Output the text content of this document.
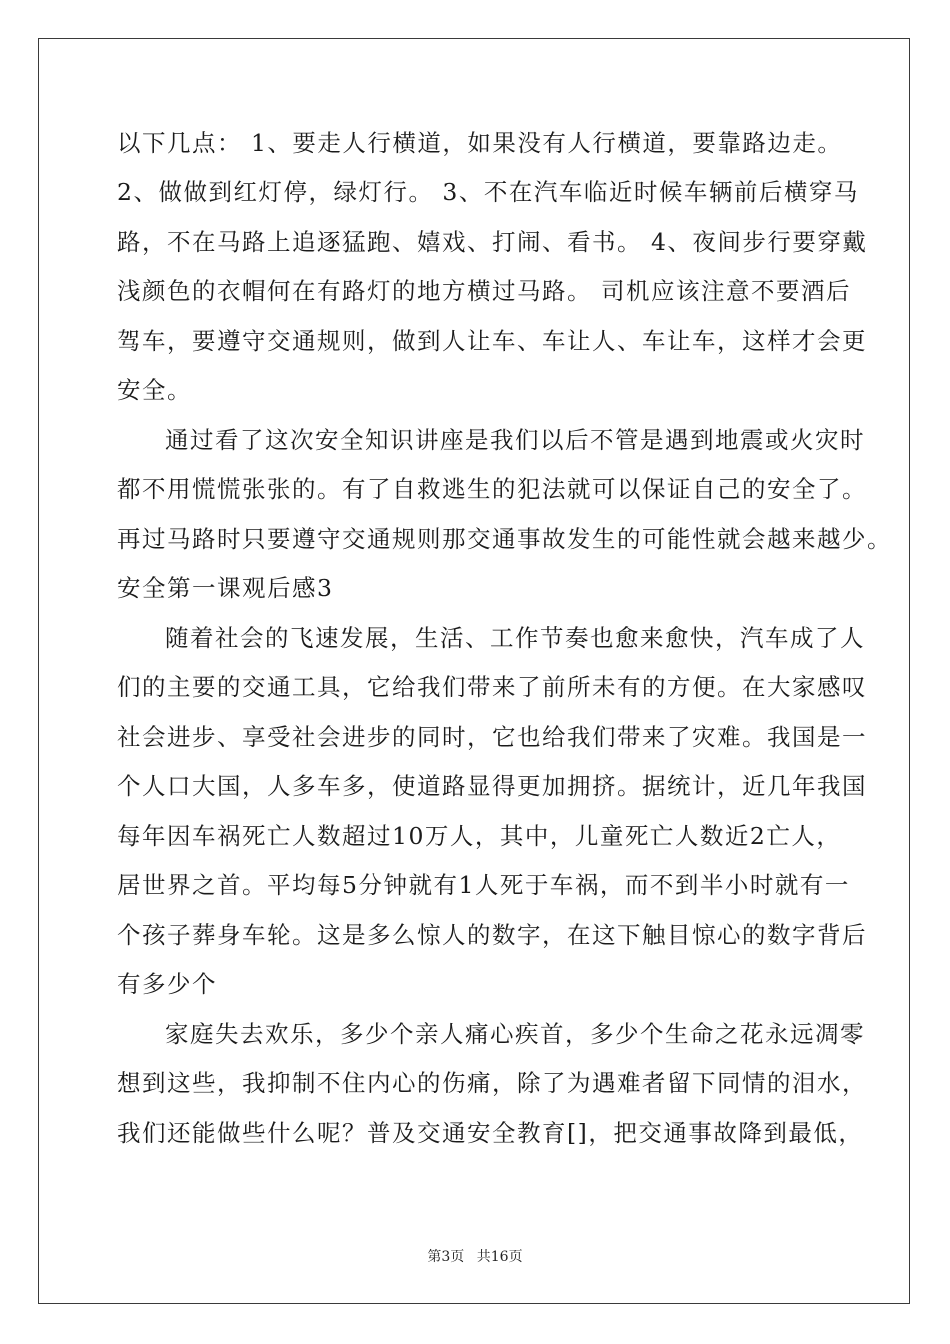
以下几点： 1、要走人行横道，如果没有人行横道，要靠路边走。
2、做做到红灯停，绿灯行。 3、不在汽车临近时候车辆前后横穿马
路，不在马路上追逐猛跑、嬉戏、打闹、看书。 4、夜间步行要穿戴
浅颜色的衣帽何在有路灯的地方横过马路。 司机应该注意不要酒后
驾车，要遵守交通规则，做到人让车、车让人、车让车，这样才会更
安全。
通过看了这次安全知识讲座是我们以后不管是遇到地震或火灾时
都不用慌慌张张的。有了自救逃生的犯法就可以保证自己的安全了。
再过马路时只要遵守交通规则那交通事故发生的可能性就会越来越少。
安全第一课观后感3
随着社会的飞速发展，生活、工作节奏也愈来愈快，汽车成了人
们的主要的交通工具，它给我们带来了前所未有的方便。在大家感叹
社会进步、享受社会进步的同时，它也给我们带来了灾难。我国是一
个人口大国，人多车多，使道路显得更加拥挤。据统计，近几年我国
每年因车祸死亡人数超过10万人，其中，儿童死亡人数近2亡人，
居世界之首。平均每5分钟就有1人死于车祸，而不到半小时就有一
个孩子葬身车轮。这是多么惊人的数字，在这下触目惊心的数字背后
有多少个
家庭失去欢乐，多少个亲人痛心疾首，多少个生命之花永远凋零
想到这些，我抑制不住内心的伤痛，除了为遇难者留下同情的泪水，
我们还能做些什么呢？普及交通安全教育[]，把交通事故降到最低，
第3页 共16页
